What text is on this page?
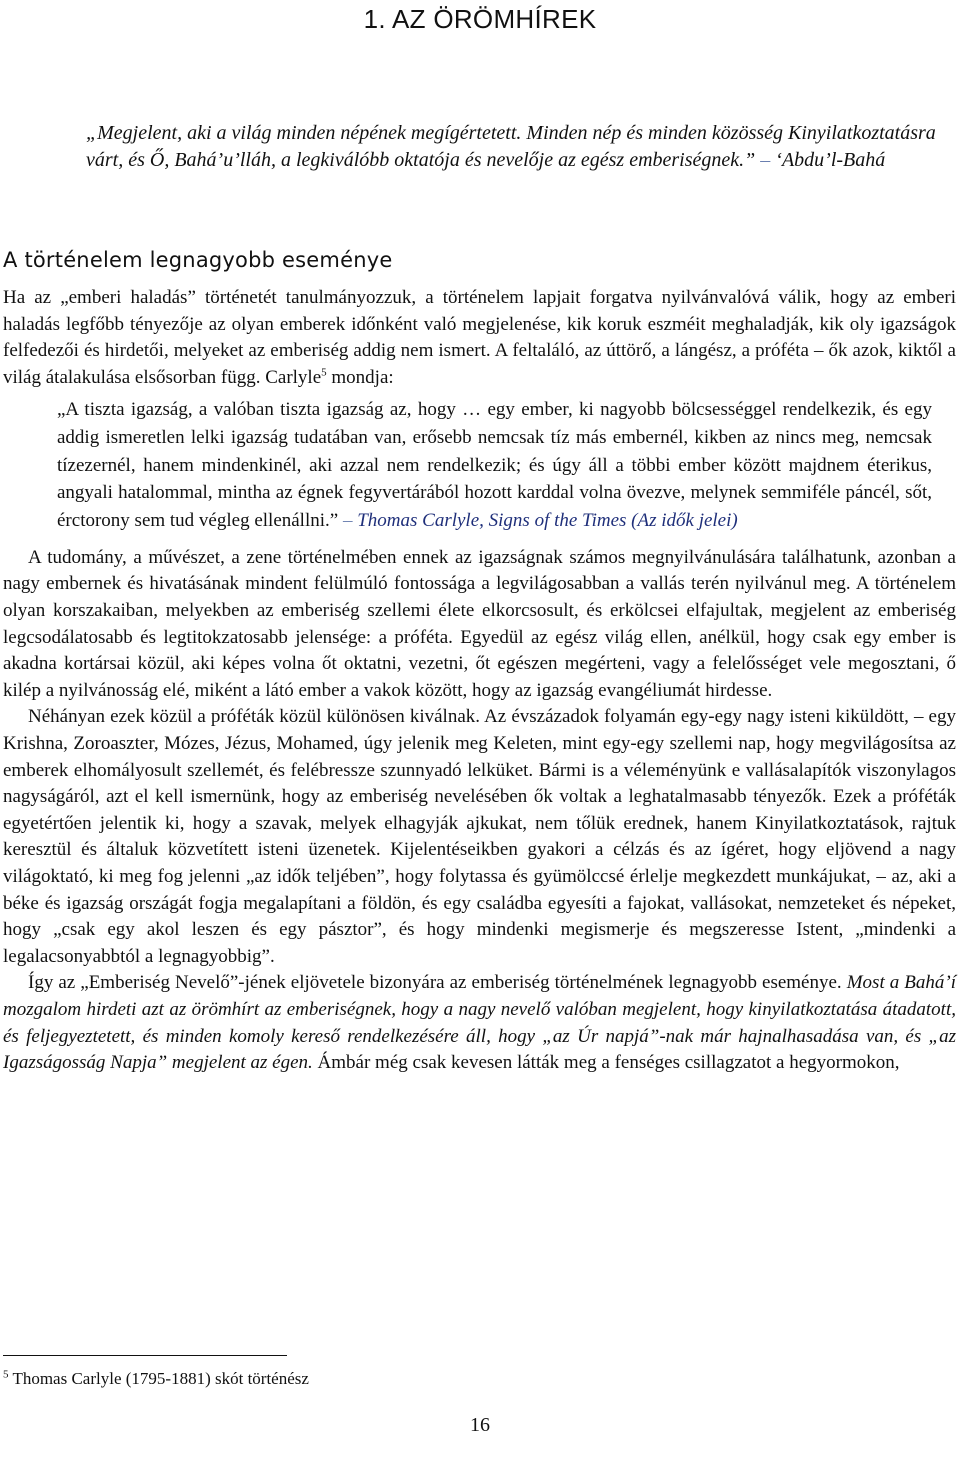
1. AZ ÖRÖMHÍREK

„Megjelent, aki a világ minden népének megígértetett. Minden nép és minden közösség Kinyilatkoztatásra várt, és Ő, Bahá’u’lláh, a legkiválóbb oktatója és nevelője az egész emberiségnek.” – ‘Abdu’l-Bahá

A történelem legnagyobb eseménye

Ha az „emberi haladás” történetét tanulmányozzuk, a történelem lapjait forgatva nyilvánvalóvá válik, hogy az emberi haladás legfőbb tényezője az olyan emberek időnként való megjelenése, kik koruk eszméit meghaladják, kik oly igazságok felfedezői és hirdetői, melyeket az emberiség addig nem ismert. A feltaláló, az úttörő, a lángész, a próféta – ők azok, kiktől a világ átalakulása elsősorban függ. Carlyle$^5$ mondja:

„A tiszta igazság, a valóban tiszta igazság az, hogy … egy ember, ki nagyobb bölcsességgel rendelkezik, és egy addig ismeretlen lelki igazság tudatában van, erősebb nemcsak tíz más embernél, kikben az nincs meg, nemcsak tízezernél, hanem mindenkinél, aki azzal nem rendelkezik; és úgy áll a többi ember között majdnem éterikus, angyali hatalommal, mintha az égnek fegyvertárából hozott karddal volna övezve, melynek semmiféle páncél, sőt, érctorony sem tud végleg ellenállni.” – Thomas Carlyle, Signs of the Times (Az idők jelei)

A tudomány, a művészet, a zene történelmében ennek az igazságnak számos megnyilvánulására találhatunk, azonban a nagy embernek és hivatásának mindent felülmúló fontossága a legvilágosabban a vallás terén nyilvánul meg. A történelem olyan korszakaiban, melyekben az emberiség szellemi élete elkorcsosult, és erkölcsei elfajultak, megjelent az emberiség legcsodálatosabb és legtitokzatosabb jelensége: a próféta. Egyedül az egész világ ellen, anélkül, hogy csak egy ember is akadna kortársai közül, aki képes volna őt oktatni, vezetni, őt egészen megérteni, vagy a felelősséget vele megosztani, ő kilép a nyilvánosság elé, miként a látó ember a vakok között, hogy az igazság evangéliumát hirdesse.

Néhányan ezek közül a próféták közül különösen kiválnak. Az évszázadok folyamán egy-egy nagy isteni kiküldött, – egy Krishna, Zoroaszter, Mózes, Jézus, Mohamed, úgy jelenik meg Keleten, mint egy-egy szellemi nap, hogy megvilágosítsa az emberek elhomályosult szellemét, és felébressze szunnyadó lelküket. Bármi is a véleményünk e vallásalapítók viszonylagos nagyságáról, azt el kell ismernünk, hogy az emberiség nevelésében ők voltak a leghatalmasabb tényezők. Ezek a próféták egyetértően jelentik ki, hogy a szavak, melyek elhagyják ajkukat, nem tőlük erednek, hanem Kinyilatkoztatások, rajtuk keresztül és általuk közvetített isteni üzenetek. Kijelentéseikben gyakori a célzás és az ígéret, hogy eljövend a nagy világoktató, ki meg fog jelenni „az idők teljében”, hogy folytassa és gyümölccsé érlelje megkezdett munkájukat, – az, aki a béke és igazság országát fogja megalapítani a földön, és egy családba egyesíti a fajokat, vallásokat, nemzeteket és népeket, hogy „csak egy akol leszen és egy pásztor”, és hogy mindenki megismerje és megszeresse Istent, „mindenki a legalacsonyabbtól a legnagyobbig”.

Így az „Emberiség Nevelő”-jének eljövetele bizonyára az emberiség történelmének legnagyobb eseménye. Most a Bahá’í mozgalom hirdeti azt az örömhírt az emberiségnek, hogy a nagy nevelő valóban megjelent, hogy kinyilatkoztatása átadatott, és feljegyeztetett, és minden komoly kereső rendelkezésére áll, hogy „az Úr napjá”-nak már hajnalhasadása van, és „az Igazságosság Napja” megjelent az égen. Ámbár még csak kevesen látták meg a fenséges csillagzatot a hegyormokon,

$^5$ Thomas Carlyle (1795-1881) skót történész

16
